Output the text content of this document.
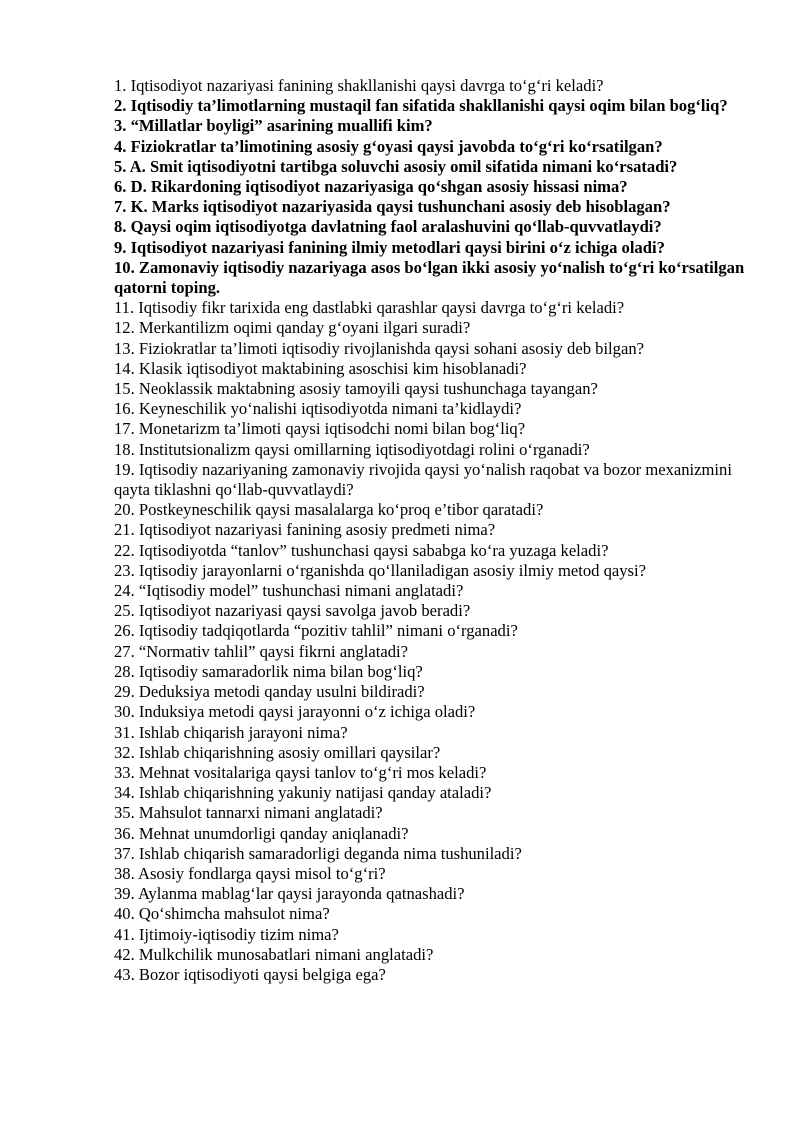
1. Iqtisodiyot nazariyasi fanining shakllanishi qaysi davrga to‘g‘ri keladi?
2. Iqtisodiy ta’limotlarning mustaqil fan sifatida shakllanishi qaysi oqim bilan bog‘liq?
3. “Millatlar boyligi” asarining muallifi kim?
4. Fiziokratlar ta’limotining asosiy g‘oyasi qaysi javobda to‘g‘ri ko‘rsatilgan?
5. A. Smit iqtisodiyotni tartibga soluvchi asosiy omil sifatida nimani ko‘rsatadi?
6. D. Rikardoning iqtisodiyot nazariyasiga qo‘shgan asosiy hissasi nima?
7. K. Marks iqtisodiyot nazariyasida qaysi tushunchani asosiy deb hisoblagan?
8. Qaysi oqim iqtisodiyotga davlatning faol aralashuvini qo‘llab-quvvatlaydi?
9. Iqtisodiyot nazariyasi fanining ilmiy metodlari qaysi birini o‘z ichiga oladi?
10. Zamonaviy iqtisodiy nazariyaga asos bo‘lgan ikki asosiy yo‘nalish to‘g‘ri ko‘rsatilgan qatorni toping.
11. Iqtisodiy fikr tarixida eng dastlabki qarashlar qaysi davrga to‘g‘ri keladi?
12. Merkantilizm oqimi qanday g‘oyani ilgari suradi?
13. Fiziokratlar ta’limoti iqtisodiy rivojlanishda qaysi sohani asosiy deb bilgan?
14. Klasik iqtisodiyot maktabining asoschisi kim hisoblanadi?
15. Neoklassik maktabning asosiy tamoyili qaysi tushunchaga tayangan?
16. Keyneschilik yo‘nalishi iqtisodiyotda nimani ta’kidlaydi?
17. Monetarizm ta’limoti qaysi iqtisodchi nomi bilan bog‘liq?
18. Institutsionalizm qaysi omillarning iqtisodiyotdagi rolini o‘rganadi?
19. Iqtisodiy nazariyaning zamonaviy rivojida qaysi yo‘nalish raqobat va bozor mexanizmini qayta tiklashni qo‘llab-quvvatlaydi?
20. Postkeyneschilik qaysi masalalarga ko‘proq e’tibor qaratadi?
21. Iqtisodiyot nazariyasi fanining asosiy predmeti nima?
22. Iqtisodiyotda “tanlov” tushunchasi qaysi sababga ko‘ra yuzaga keladi?
23. Iqtisodiy jarayonlarni o‘rganishda qo‘llaniladigan asosiy ilmiy metod qaysi?
24. “Iqtisodiy model” tushunchasi nimani anglatadi?
25. Iqtisodiyot nazariyasi qaysi savolga javob beradi?
26. Iqtisodiy tadqiqotlarda “pozitiv tahlil” nimani o‘rganadi?
27. “Normativ tahlil” qaysi fikrni anglatadi?
28. Iqtisodiy samaradorlik nima bilan bog‘liq?
29. Deduksiya metodi qanday usulni bildiradi?
30. Induksiya metodi qaysi jarayonni o‘z ichiga oladi?
31. Ishlab chiqarish jarayoni nima?
32. Ishlab chiqarishning asosiy omillari qaysilar?
33. Mehnat vositalariga qaysi tanlov to‘g‘ri mos keladi?
34. Ishlab chiqarishning yakuniy natijasi qanday ataladi?
35. Mahsulot tannarxi nimani anglatadi?
36. Mehnat unumdorligi qanday aniqlanadi?
37. Ishlab chiqarish samaradorligi deganda nima tushuniladi?
38. Asosiy fondlarga qaysi misol to‘g‘ri?
39. Aylanma mablag‘lar qaysi jarayonda qatnashadi?
40. Qo‘shimcha mahsulot nima?
41. Ijtimoiy-iqtisodiy tizim nima?
42. Mulkchilik munosabatlari nimani anglatadi?
43. Bozor iqtisodiyoti qaysi belgiga ega?
